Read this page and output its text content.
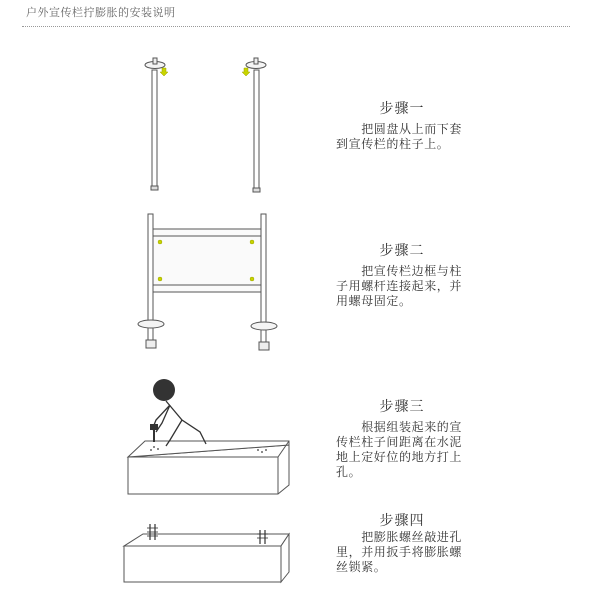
户外宣传栏拧膨胀的安装说明
步骤一
　　把圆盘从上而下套
到宣传栏的柱子上。
步骤二
　　把宣传栏边框与柱
子用螺杆连接起来，并
用螺母固定。
步骤三
　　根据组装起来的宣
传栏柱子间距离在水泥
地上定好位的地方打上
孔。
步骤四
　　把膨胀螺丝敲进孔
里，并用扳手将膨胀螺
丝锁紧。
